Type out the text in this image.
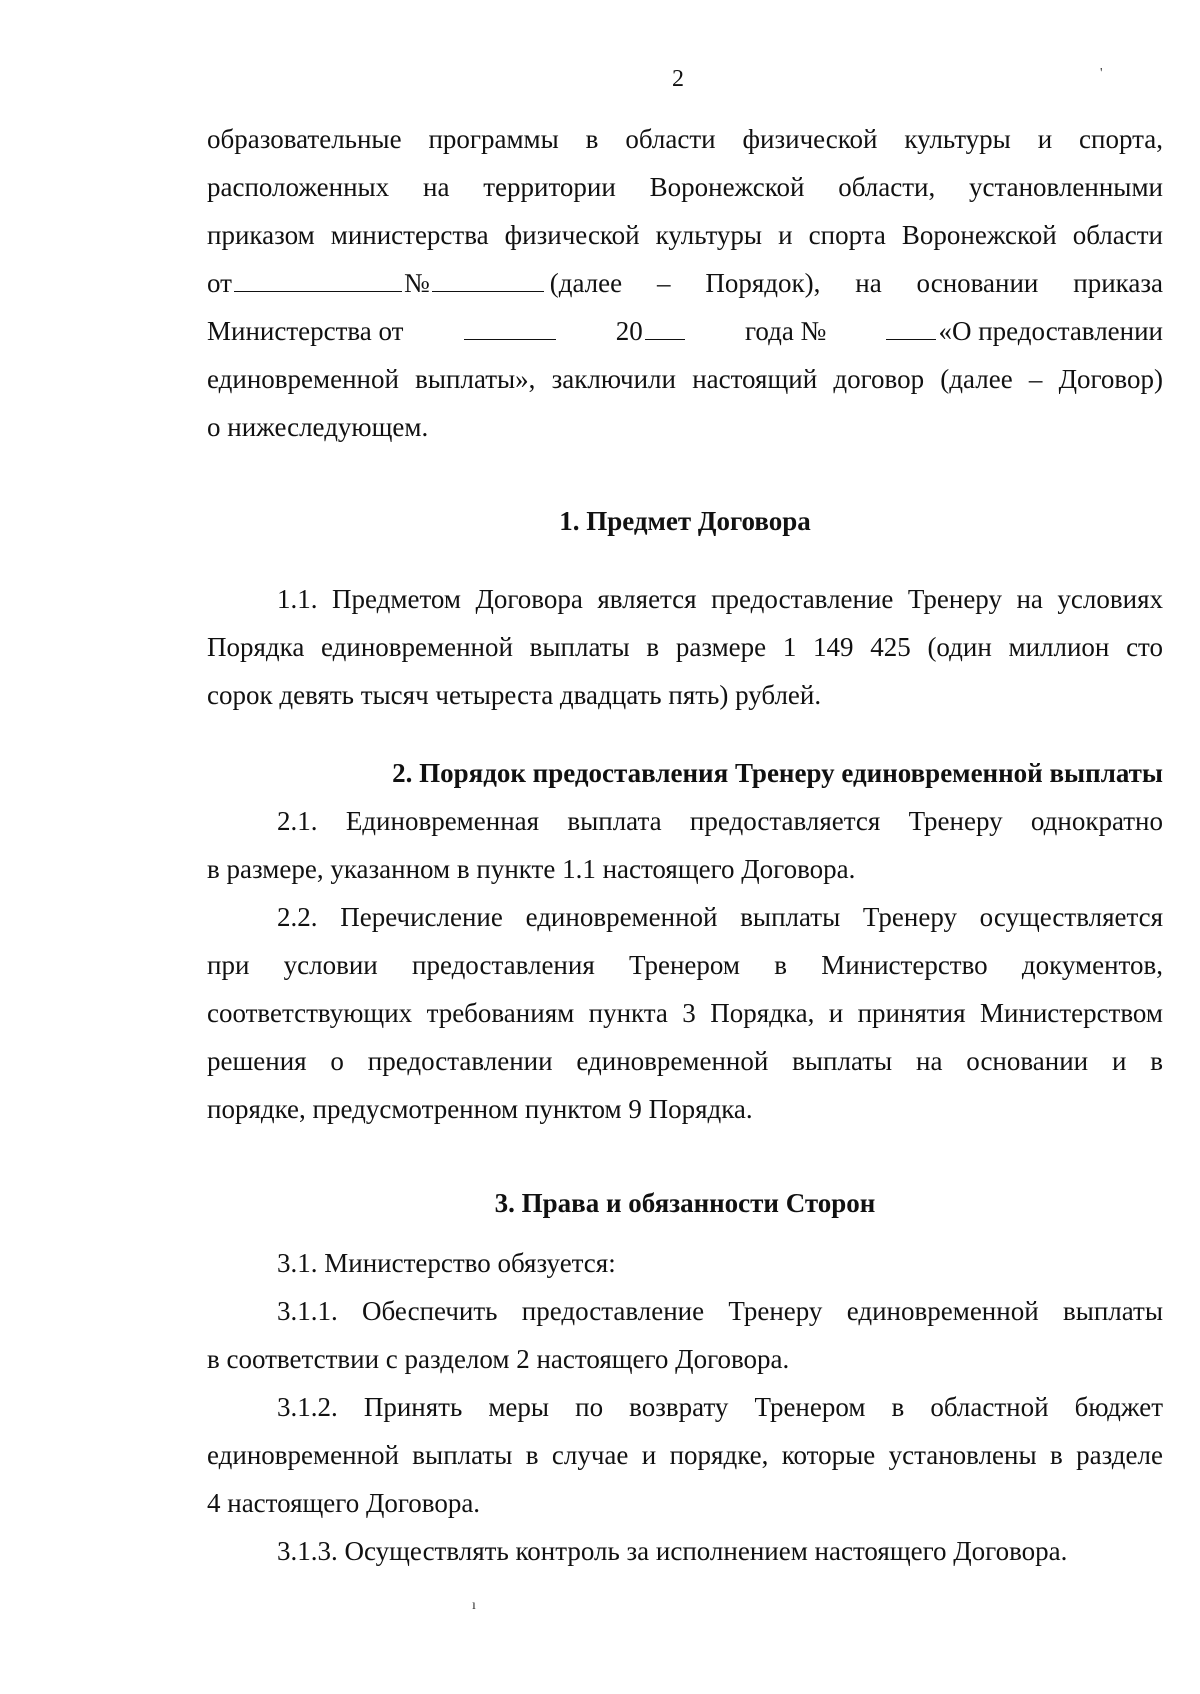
2	'
ı
образовательные программы в области физической культуры и спорта,
расположенных на территории Воронежской области, установленными
приказом министерства физической культуры и спорта Воронежской области
от	№	(далее – Порядок), на основании приказа
Министерства от	20	года №	«О предоставлении
единовременной выплаты», заключили настоящий договор (далее – Договор)
о нижеследующем.
1. Предмет Договора
1.1. Предметом Договора является предоставление Тренеру на условиях
Порядка единовременной выплаты в размере 1 149 425 (один миллион сто
сорок девять тысяч четыреста двадцать пять) рублей.
2. Порядок предоставления Тренеру единовременной выплаты
2.1. Единовременная выплата предоставляется Тренеру однократно
в размере, указанном в пункте 1.1 настоящего Договора.
2.2. Перечисление единовременной выплаты Тренеру осуществляется
при условии предоставления Тренером в Министерство документов,
соответствующих требованиям пункта 3 Порядка, и принятия Министерством
решения о предоставлении единовременной выплаты на основании и в
порядке, предусмотренном пунктом 9 Порядка.
3. Права и обязанности Сторон
3.1. Министерство обязуется:
3.1.1. Обеспечить предоставление Тренеру единовременной выплаты
в соответствии с разделом 2 настоящего Договора.
3.1.2. Принять меры по возврату Тренером в областной бюджет
единовременной выплаты в случае и порядке, которые установлены в разделе
4 настоящего Договора.
3.1.3. Осуществлять контроль за исполнением настоящего Договора.
